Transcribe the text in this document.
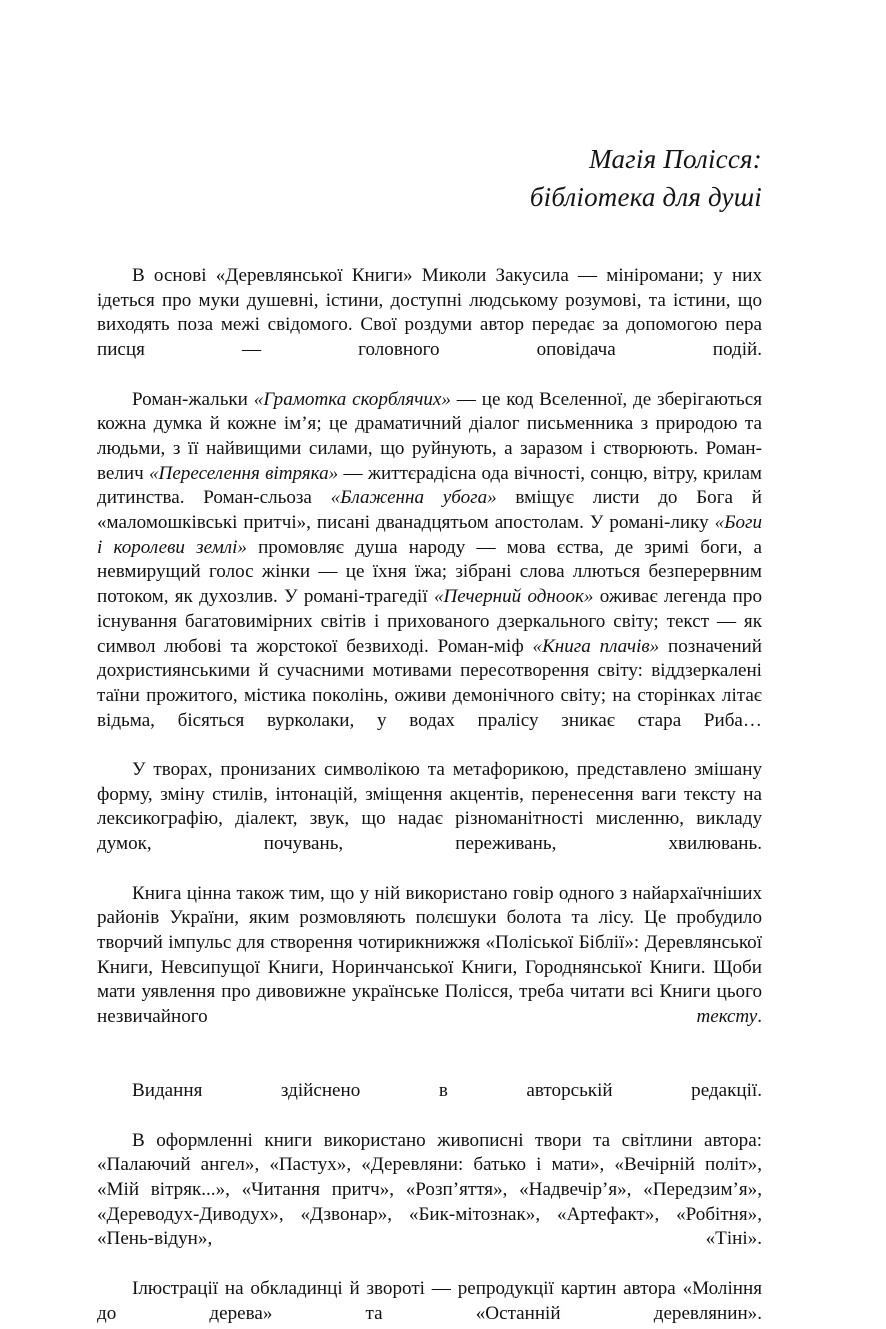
Магія Полісся:
бібліотека для душі

В основі «Деревлянської Книги» Миколи Закусила — мініромани; у них ідеться про муки душевні, істини, доступні людському розумові, та істини, що виходять поза межі свідомого. Свої роздуми автор передає за допомогою пера писця — головного оповідача подій.

Роман-жальки «Грамотка скорблячих» — це код Вселенної, де зберігаються кожна думка й кожне ім’я; це драматичний діалог письменника з природою та людьми, з її найвищими силами, що руйнують, а заразом і створюють. Роман-велич «Переселення вітряка» — життєрадісна ода вічності, сонцю, вітру, крилам дитинства. Роман-сльоза «Блаженна убога» вміщує листи до Бога й «маломошківські притчі», писані дванадцятьом апостолам. У романі-лику «Боги і королеви землі» промовляє душа народу — мова єства, де зримі боги, а невмирущий голос жінки — це їхня їжа; зібрані слова ллються безперервним потоком, як духозлив. У романі-трагедії «Печерний одноок» оживає легенда про існування багатовимірних світів і прихованого дзеркального світу; текст — як символ любові та жорстокої безвиході. Роман-міф «Книга плачів» позначений дохристиянськими й сучасними мотивами пересотворення світу: віддзеркалені таїни прожитого, містика поколінь, оживи демонічного світу; на сторінках літає відьма, бісяться вурколаки, у водах пралісу зникає стара Риба…

У творах, пронизаних символікою та метафорикою, представлено змішану форму, зміну стилів, інтонацій, зміщення акцентів, перенесення ваги тексту на лексикографію, діалект, звук, що надає різноманітності мисленню, викладу думок, почувань, переживань, хвилювань.

Книга цінна також тим, що у ній використано говір одного з найархаїчніших районів України, яким розмовляють полєшуки болота та лісу. Це пробудило творчий імпульс для створення чотирикнижжя «Поліської Біблії»: Деревлянської Книги, Невсипущої Книги, Норинчанської Книги, Городнянської Книги. Щоби мати уявлення про дивовижне українське Полісся, треба читати всі Книги цього незвичайного тексту.

Видання здійснено в авторській редакції.

В оформленні книги використано живописні твори та світлини автора: «Палаючий ангел», «Пастух», «Деревляни: батько і мати», «Вечірній політ», «Мій вітряк...», «Читання притч», «Розп’яття», «Надвечір’я», «Передзим’я», «Дереводух-Диводух», «Дзвонар», «Бик-мітознак», «Артефакт», «Робітня», «Пень-відун», «Тіні».

Ілюстрації на обкладинці й звороті — репродукції картин автора «Моління до дерева» та «Останній деревлянин».
